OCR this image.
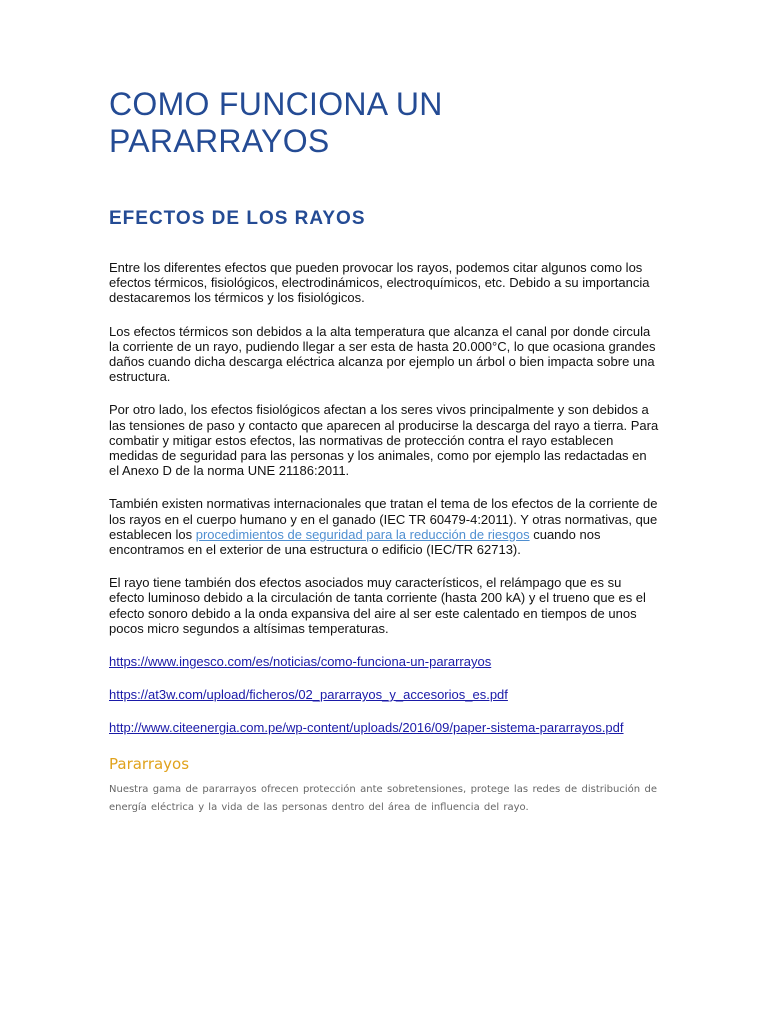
COMO FUNCIONA UN PARARRAYOS
EFECTOS DE LOS RAYOS

Entre los diferentes efectos que pueden provocar los rayos, podemos citar algunos como los efectos térmicos, fisiológicos, electrodinámicos, electroquímicos, etc. Debido a su importancia destacaremos los térmicos y los fisiológicos.

Los efectos térmicos son debidos a la alta temperatura que alcanza el canal por donde circula la corriente de un rayo, pudiendo llegar a ser esta de hasta 20.000°C, lo que ocasiona grandes daños cuando dicha descarga eléctrica alcanza por ejemplo un árbol o bien impacta sobre una estructura.

Por otro lado, los efectos fisiológicos afectan a los seres vivos principalmente y son debidos a las tensiones de paso y contacto que aparecen al producirse la descarga del rayo a tierra. Para combatir y mitigar estos efectos, las normativas de protección contra el rayo establecen medidas de seguridad para las personas y los animales, como por ejemplo las redactadas en el Anexo D de la norma UNE 21186:2011.

También existen normativas internacionales que tratan el tema de los efectos de la corriente de los rayos en el cuerpo humano y en el ganado (IEC TR 60479-4:2011). Y otras normativas, que establecen los procedimientos de seguridad para la reducción de riesgos cuando nos encontramos en el exterior de una estructura o edificio (IEC/TR 62713).

El rayo tiene también dos efectos asociados muy característicos, el relámpago que es su efecto luminoso debido a la circulación de tanta corriente (hasta 200 kA) y el trueno que es el efecto sonoro debido a la onda expansiva del aire al ser este calentado en tiempos de unos pocos micro segundos a altísimas temperaturas.

https://www.ingesco.com/es/noticias/como-funciona-un-pararrayos

https://at3w.com/upload/ficheros/02_pararrayos_y_accesorios_es.pdf

http://www.citeenergia.com.pe/wp-content/uploads/2016/09/paper-sistema-pararrayos.pdf

Pararrayos
Nuestra gama de pararrayos ofrecen protección ante sobretensiones, protege las redes de distribución de energía eléctrica y la vida de las personas dentro del área de influencia del rayo.
